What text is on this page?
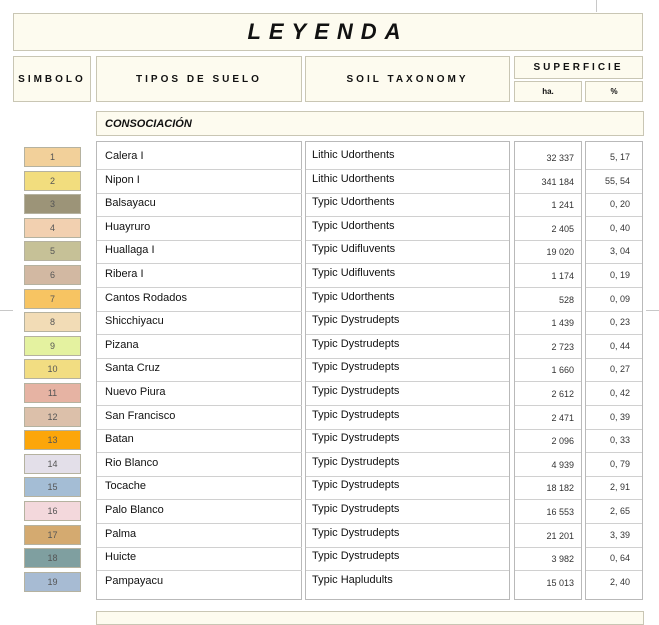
LEYENDA
SIMBOLO	TIPOS DE SUELO	SOIL TAXONOMY
SUPERFICIE
ha.	%
CONSOCIACIÓN
1	Calera I	Lithic Udorthents	32 337	5, 17
2	Nipon I	Lithic Udorthents	341 184	55, 54
3	Balsayacu	Typic Udorthents	1 241	0, 20
4	Huayruro	Typic Udorthents	2 405	0, 40
5	Huallaga I	Typic Udifluvents	19 020	3, 04
6	Ribera I	Typic Udifluvents	1 174	0, 19
7	Cantos Rodados	Typic Udorthents	528	0, 09
8	Shicchiyacu	Typic Dystrudepts	1 439	0, 23
9	Pizana	Typic Dystrudepts	2 723	0, 44
10	Santa Cruz	Typic Dystrudepts	1 660	0, 27
11	Nuevo Piura	Typic Dystrudepts	2 612	0, 42
12	San Francisco	Typic Dystrudepts	2 471	0, 39
13	Batan	Typic Dystrudepts	2 096	0, 33
14	Rio Blanco	Typic Dystrudepts	4 939	0, 79
15	Tocache	Typic Dystrudepts	18 182	2, 91
16	Palo Blanco	Typic Dystrudepts	16 553	2, 65
17	Palma	Typic Dystrudepts	21 201	3, 39
18	Huicte	Typic Dystrudepts	3 982	0, 64
19	Pampayacu	Typic Hapludults	15 013	2, 40
